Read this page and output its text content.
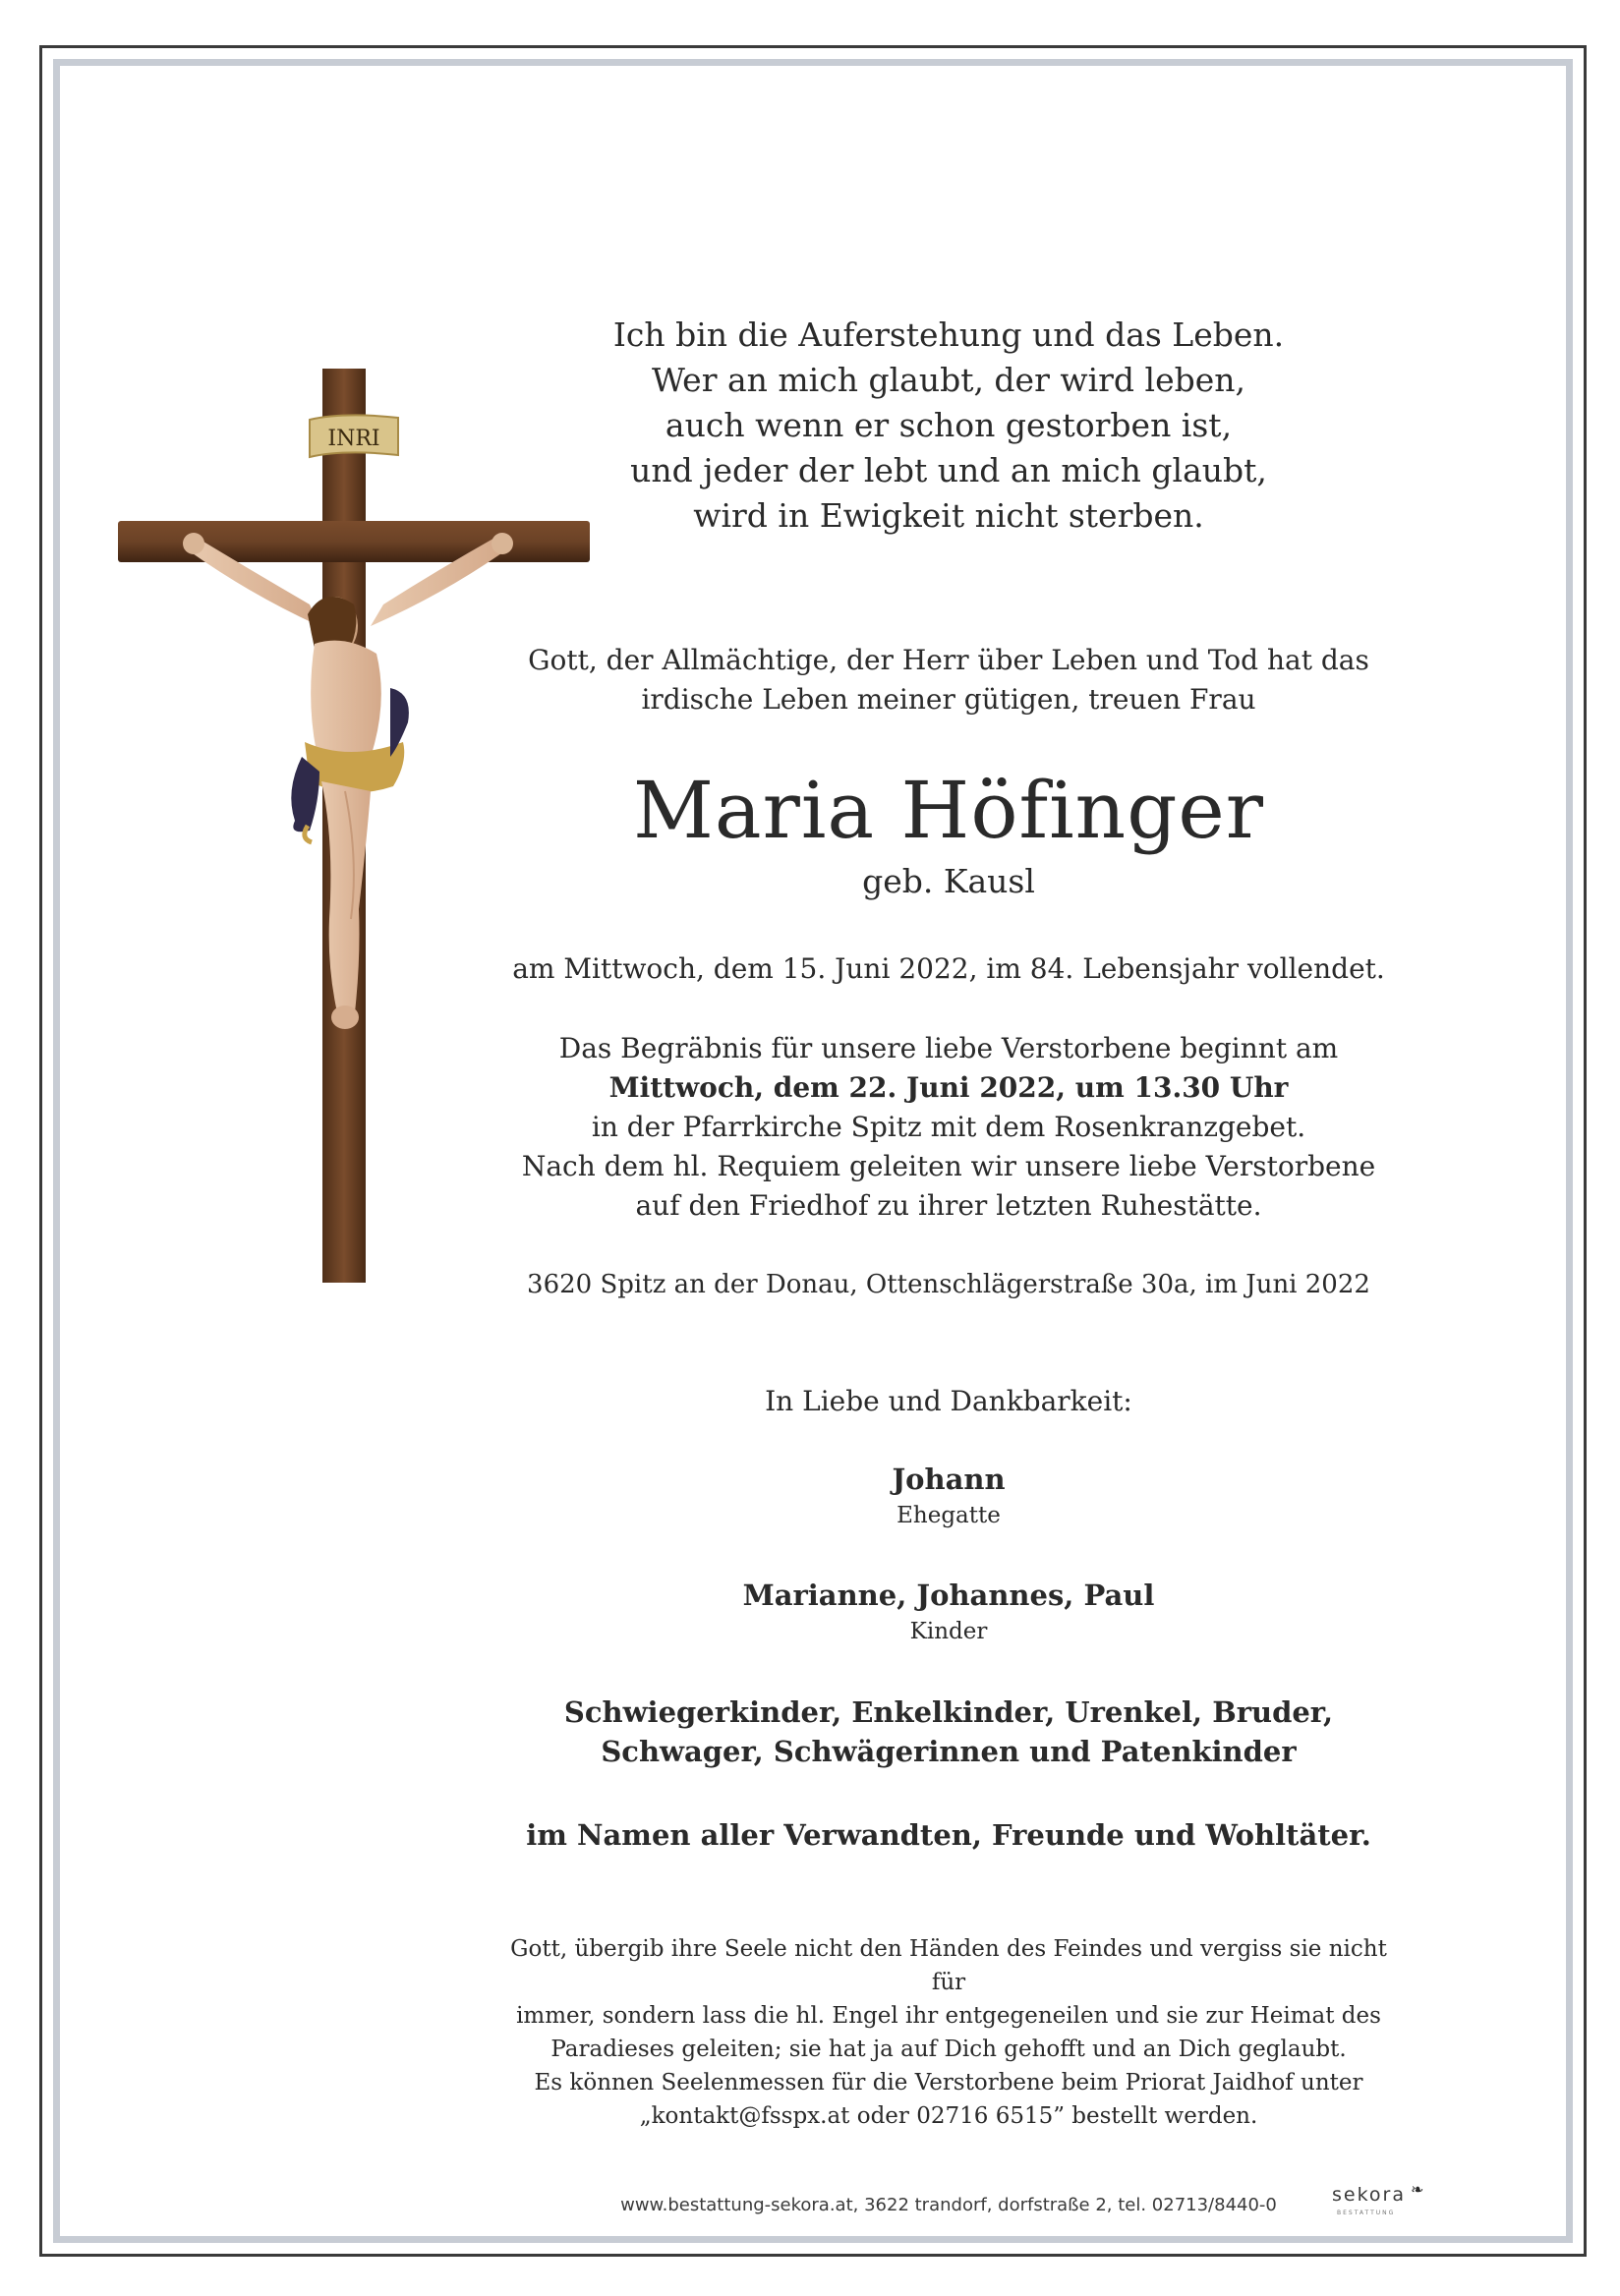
INRI
Ich bin die Auferstehung und das Leben.
Wer an mich glaubt, der wird leben,
auch wenn er schon gestorben ist,
und jeder der lebt und an mich glaubt,
wird in Ewigkeit nicht sterben.
Gott, der Allmächtige, der Herr über Leben und Tod hat das
irdische Leben meiner gütigen, treuen Frau
Maria Höfinger
geb. Kausl
am Mittwoch, dem 15. Juni 2022, im 84. Lebensjahr vollendet.
Das Begräbnis für unsere liebe Verstorbene beginnt am
Mittwoch, dem 22. Juni 2022, um 13.30 Uhr
in der Pfarrkirche Spitz mit dem Rosenkranzgebet.
Nach dem hl. Requiem geleiten wir unsere liebe Verstorbene
auf den Friedhof zu ihrer letzten Ruhestätte.
3620 Spitz an der Donau, Ottenschlägerstraße 30a, im Juni 2022
In Liebe und Dankbarkeit:
Johann
Ehegatte
Marianne, Johannes, Paul
Kinder
Schwiegerkinder, Enkelkinder, Urenkel, Bruder,
Schwager, Schwägerinnen und Patenkinder
im Namen aller Verwandten, Freunde und Wohltäter.
Gott, übergib ihre Seele nicht den Händen des Feindes und vergiss sie nicht für
immer, sondern lass die hl. Engel ihr entgegeneilen und sie zur Heimat des
Paradieses geleiten; sie hat ja auf Dich gehofft und an Dich geglaubt.
Es können Seelenmessen für die Verstorbene beim Priorat Jaidhof unter
„kontakt@fsspx.at oder 02716 6515” bestellt werden.
www.bestattung-sekora.at, 3622 trandorf, dorfstraße 2, tel. 02713/8440-0	sekora ❧
BESTATTUNG
